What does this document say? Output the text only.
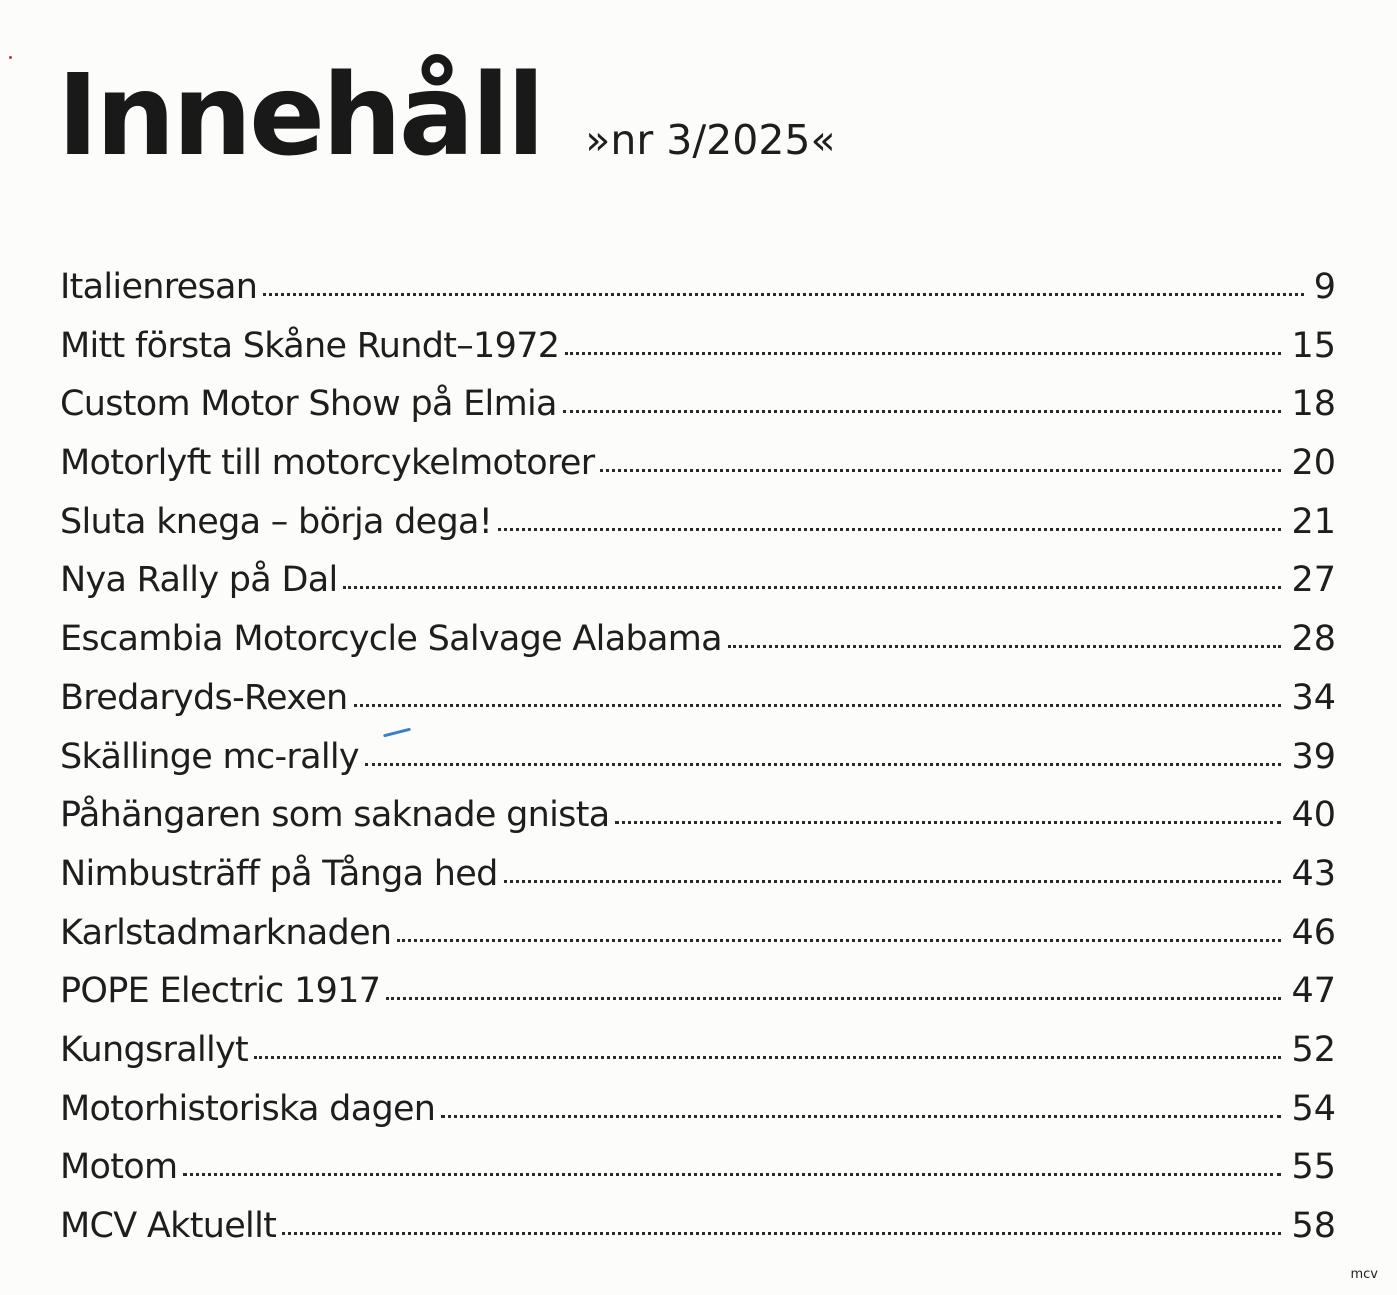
Innehåll »nr 3/2025«
Italienresan	9
Mitt första Skåne Rundt–1972	15
Custom Motor Show på Elmia	18
Motorlyft till motorcykelmotorer	20
Sluta knega – börja dega!	21
Nya Rally på Dal	27
Escambia Motorcycle Salvage Alabama	28
Bredaryds-Rexen	34
Skällinge mc-rally	39
Påhängaren som saknade gnista	40
Nimbusträff på Tånga hed	43
Karlstadmarknaden	46
POPE Electric 1917	47
Kungsrallyt	52
Motorhistoriska dagen	54
Motom	55
MCV Aktuellt	58
mcv
